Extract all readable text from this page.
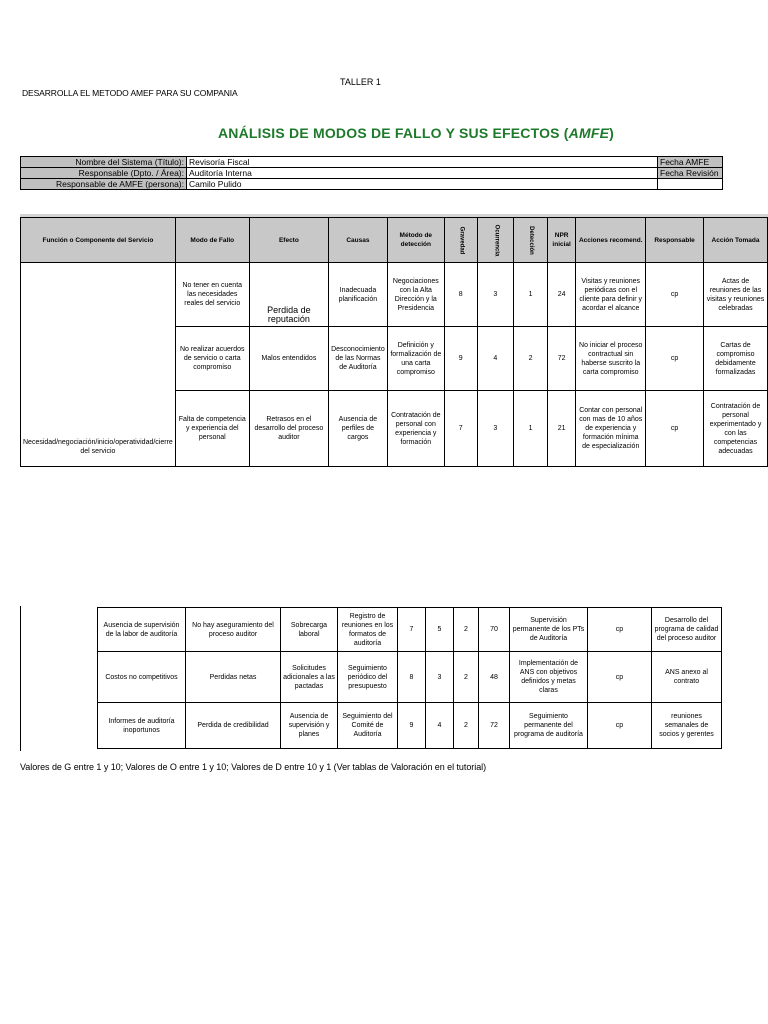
TALLER 1
DESARROLLA EL METODO AMEF PARA SU COMPANIA
ANÁLISIS DE MODOS DE FALLO Y SUS EFECTOS (AMFE)
Nombre del Sistema (Título):	Revisoría Fiscal	Fecha AMFE
Responsable (Dpto. / Área):	Auditoría Interna	Fecha Revisión
Responsable de AMFE (persona):	Camilo Pulido	
Función o Componente del Servicio	Modo de Fallo	Efecto	Causas	Método de detección	Gravedad	Ocurrencia	Detección	NPR inicial	Acciones recomend.	Responsable	Acción Tomada
Necesidad/negociación/inicio/operatividad/cierre del servicio	No tener en cuenta las necesidades reales del servicio	Perdida de reputación	Inadecuada planificación	Negociaciones con la Alta Dirección y la Presidencia	8	3	1	24	Visitas y reuniones periódicas con el cliente para definir y acordar el alcance	cp	Actas de reuniones de las visitas y reuniones celebradas
	No realizar acuerdos de servicio o carta compromiso	Malos entendidos	Desconocimiento de las Normas de Auditoría	Definición y formalización de una carta compromiso	9	4	2	72	No iniciar el proceso contractual sin haberse suscrito la carta compromiso	cp	Cartas de compromiso debidamente formalizadas
	Falta de competencia y experiencia del personal	Retrasos en el desarrollo del proceso auditor	Ausencia de perfiles de cargos	Contratación de personal con experiencia y formación	7	3	1	21	Contar con personal con mas de 10 años de experiencia y formación mínima de especialización	cp	Contratación de personal experimentado y con las competencias adecuadas
Ausencia de supervisión de la labor de auditoría	No hay aseguramiento del proceso auditor	Sobrecarga laboral	Registro de reuniones en los formatos de auditoría	7	5	2	70	Supervisión permanente de los PTs de Auditoría	cp	Desarrollo del programa de calidad del proceso auditor
Costos no competitivos	Perdidas netas	Solicitudes adicionales a las pactadas	Seguimiento periódico del presupuesto	8	3	2	48	Implementación de ANS con objetivos definidos y metas claras	cp	ANS anexo al contrato
Informes de auditoría inoportunos	Perdida de credibilidad	Ausencia de supervisión y planes	Seguimiento del Comité de Auditoría	9	4	2	72	Seguimiento permanente del programa de auditoría	cp	reuniones semanales de socios y gerentes
Valores de G entre 1 y 10; Valores de O entre 1 y 10; Valores de D entre 10 y 1 (Ver tablas de Valoración en el tutorial)
